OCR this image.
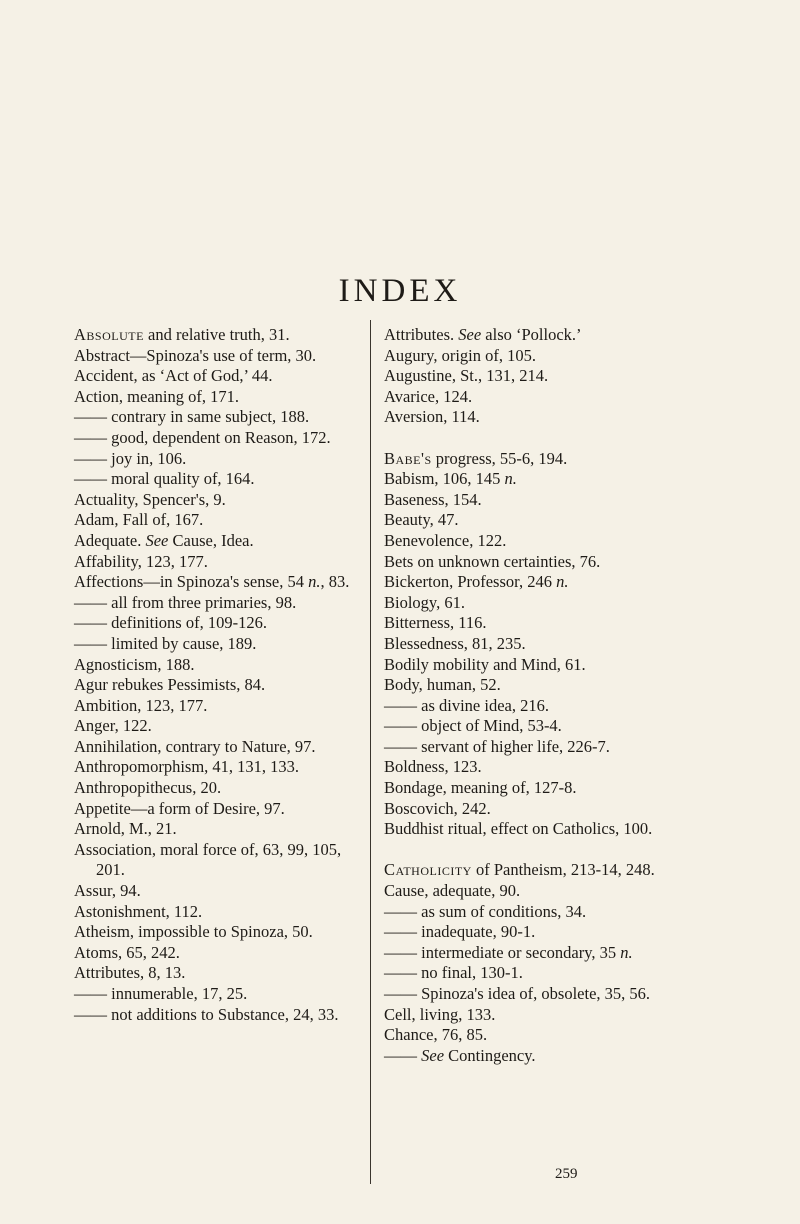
INDEX
Absolute and relative truth, 31.
Abstract—Spinoza's use of term, 30.
Accident, as ‘Act of God,’ 44.
Action, meaning of, 171.
—— contrary in same subject, 188.
—— good, dependent on Reason, 172.
—— joy in, 106.
—— moral quality of, 164.
Actuality, Spencer's, 9.
Adam, Fall of, 167.
Adequate. See Cause, Idea.
Affability, 123, 177.
Affections—in Spinoza's sense, 54 n., 83.
—— all from three primaries, 98.
—— definitions of, 109-126.
—— limited by cause, 189.
Agnosticism, 188.
Agur rebukes Pessimists, 84.
Ambition, 123, 177.
Anger, 122.
Annihilation, contrary to Nature, 97.
Anthropomorphism, 41, 131, 133.
Anthropopithecus, 20.
Appetite—a form of Desire, 97.
Arnold, M., 21.
Association, moral force of, 63, 99, 105, 201.
Assur, 94.
Astonishment, 112.
Atheism, impossible to Spinoza, 50.
Atoms, 65, 242.
Attributes, 8, 13.
—— innumerable, 17, 25.
—— not additions to Substance, 24, 33.
Attributes. See also ‘Pollock.’
Augury, origin of, 105.
Augustine, St., 131, 214.
Avarice, 124.
Aversion, 114.
Babe's progress, 55-6, 194.
Babism, 106, 145 n.
Baseness, 154.
Beauty, 47.
Benevolence, 122.
Bets on unknown certainties, 76.
Bickerton, Professor, 246 n.
Biology, 61.
Bitterness, 116.
Blessedness, 81, 235.
Bodily mobility and Mind, 61.
Body, human, 52.
—— as divine idea, 216.
—— object of Mind, 53-4.
—— servant of higher life, 226-7.
Boldness, 123.
Bondage, meaning of, 127-8.
Boscovich, 242.
Buddhist ritual, effect on Catholics, 100.
Catholicity of Pantheism, 213-14, 248.
Cause, adequate, 90.
—— as sum of conditions, 34.
—— inadequate, 90-1.
—— intermediate or secondary, 35 n.
—— no final, 130-1.
—— Spinoza's idea of, obsolete, 35, 56.
Cell, living, 133.
Chance, 76, 85.
—— See Contingency.
259
